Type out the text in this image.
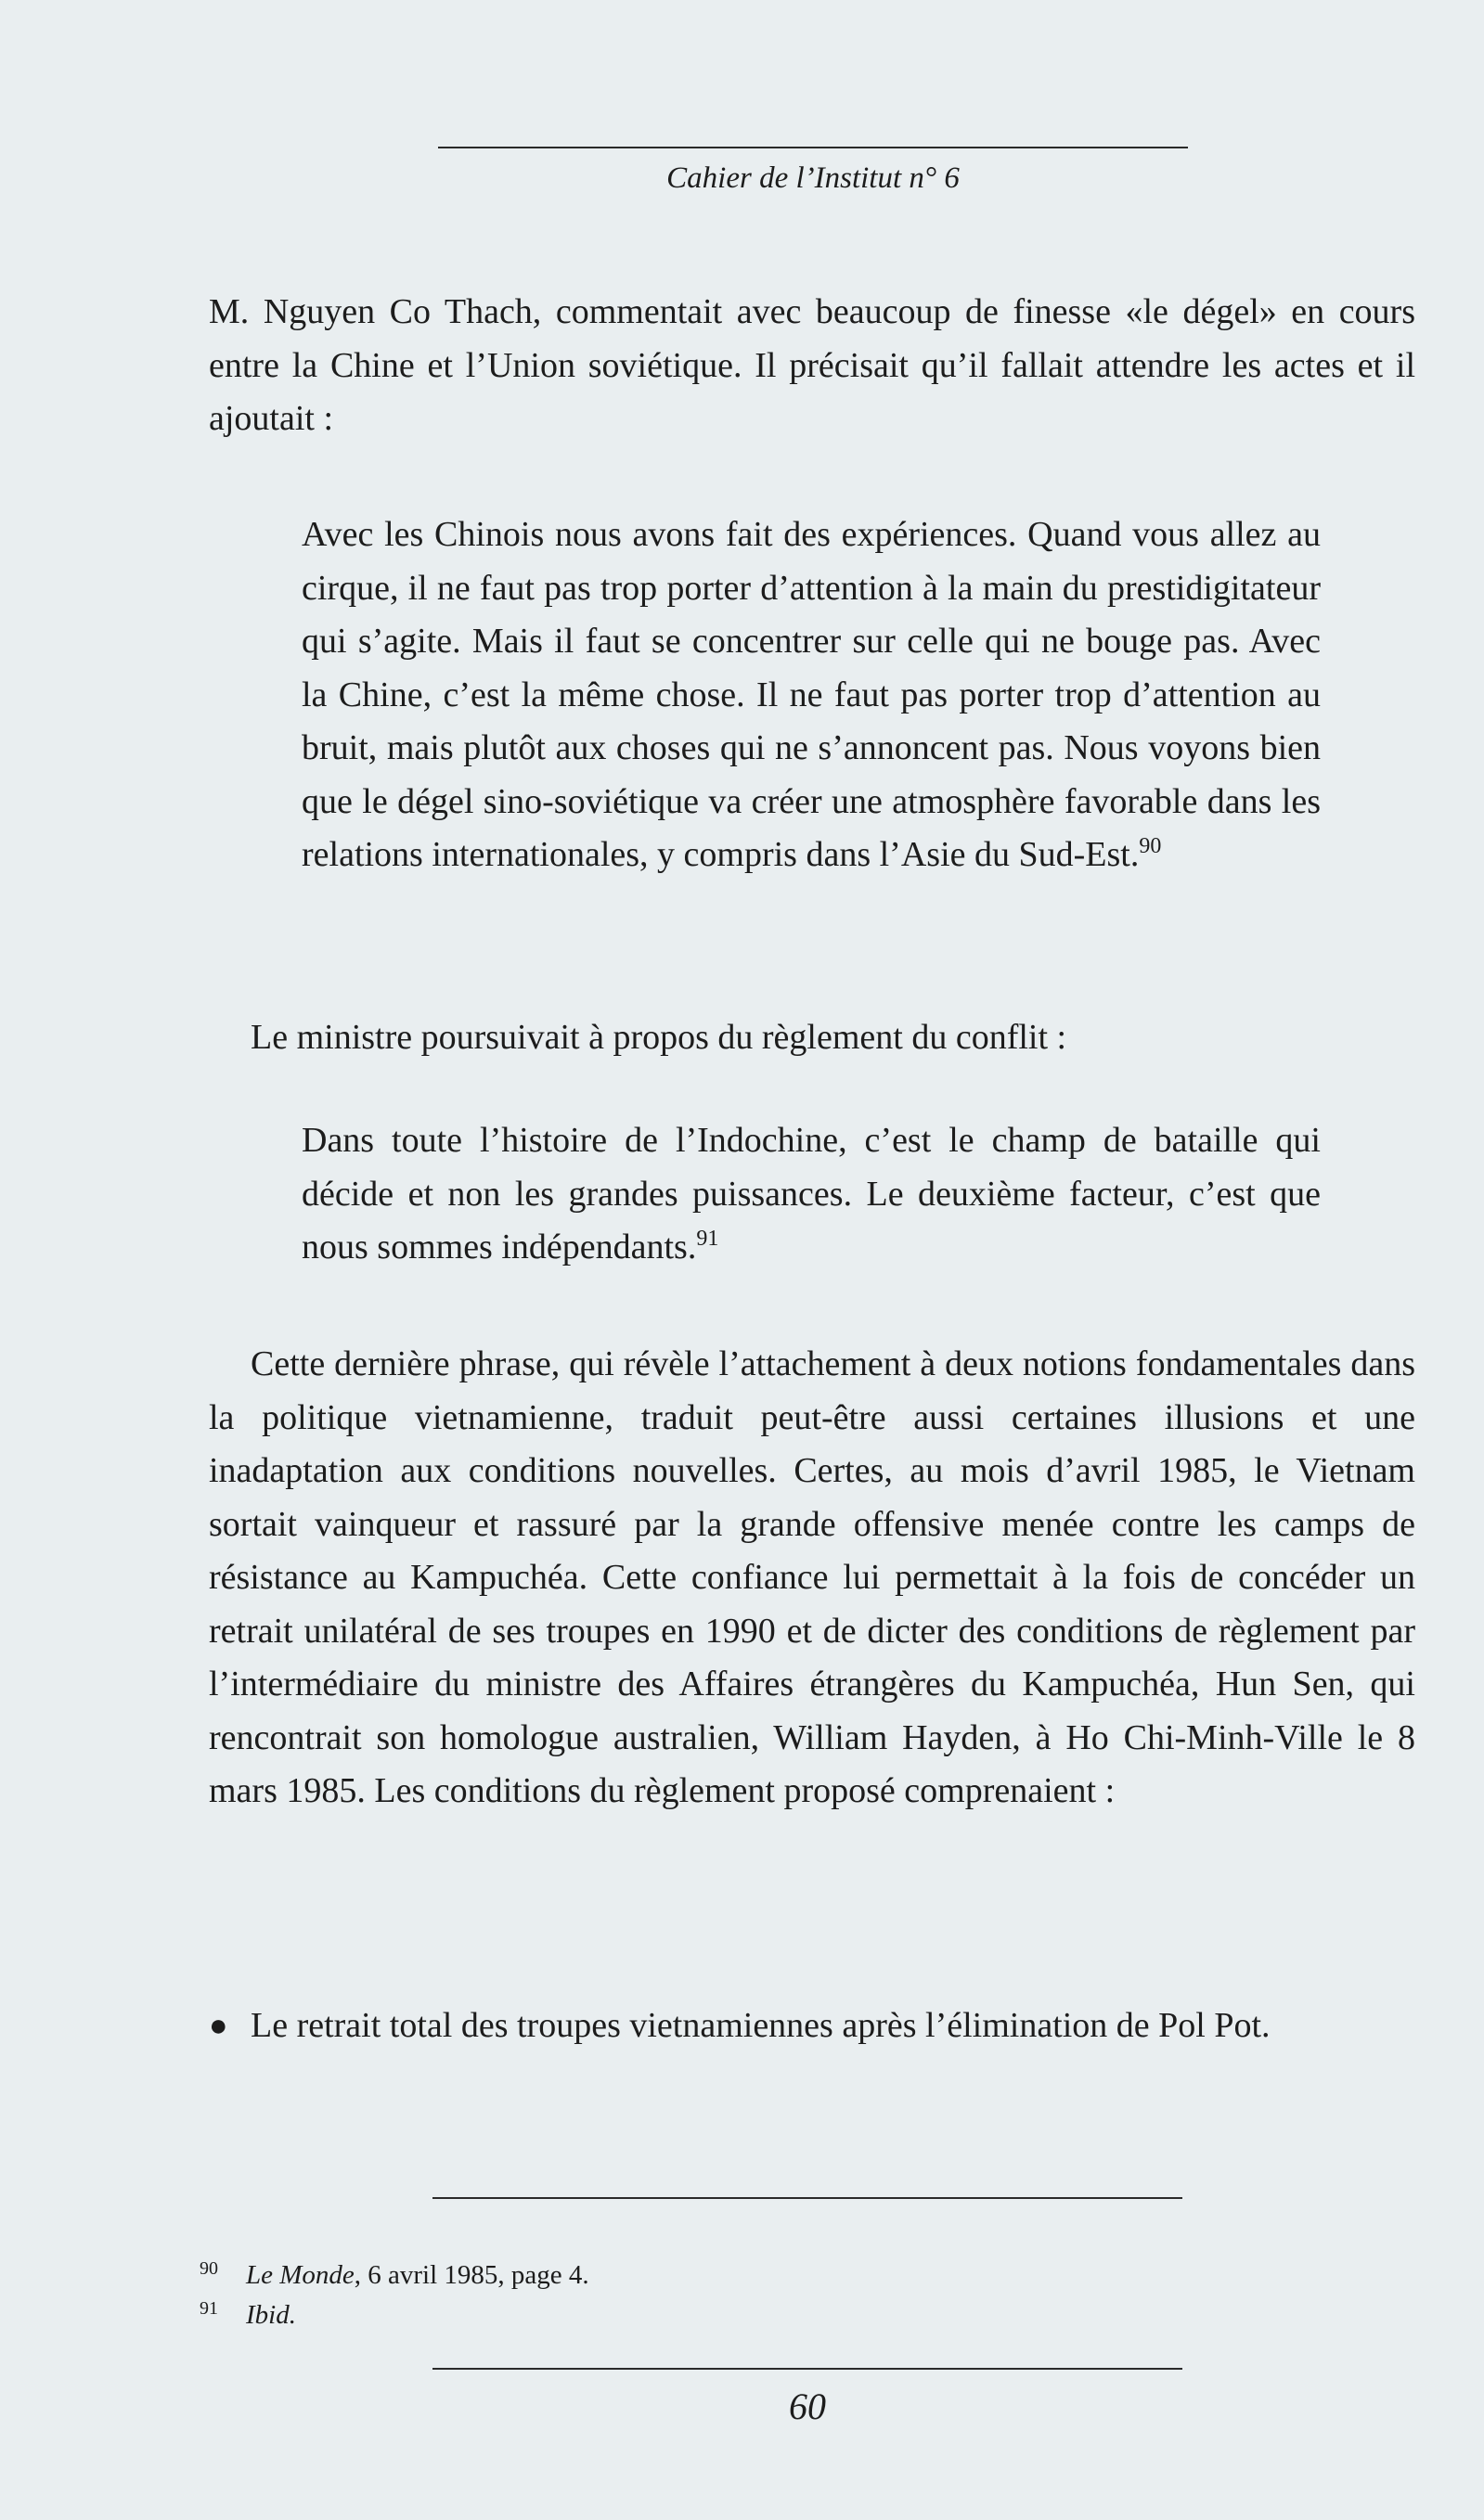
Cahier de l’Institut n° 6

M. Nguyen Co Thach, commentait avec beaucoup de finesse «le dégel» en cours entre la Chine et l’Union soviétique. Il précisait qu’il fallait attendre les actes et il ajoutait :

Avec les Chinois nous avons fait des expériences. Quand vous allez au cirque, il ne faut pas trop porter d’attention à la main du prestidigitateur qui s’agite. Mais il faut se concentrer sur celle qui ne bouge pas. Avec la Chine, c’est la même chose. Il ne faut pas porter trop d’attention au bruit, mais plutôt aux choses qui ne s’annoncent pas. Nous voyons bien que le dégel sino-soviétique va créer une atmosphère favorable dans les relations internationales, y compris dans l’Asie du Sud-Est.$^{90}$

Le ministre poursuivait à propos du règlement du conflit :

Dans toute l’histoire de l’Indochine, c’est le champ de bataille qui décide et non les grandes puissances. Le deuxième facteur, c’est que nous sommes indépendants.$^{91}$

Cette dernière phrase, qui révèle l’attachement à deux notions fondamentales dans la politique vietnamienne, traduit peut-être aussi certaines illusions et une inadaptation aux conditions nouvelles. Certes, au mois d’avril 1985, le Vietnam sortait vainqueur et rassuré par la grande offensive menée contre les camps de résistance au Kampuchéa. Cette confiance lui permettait à la fois de concéder un retrait unilatéral de ses troupes en 1990 et de dicter des conditions de règlement par l’intermédiaire du ministre des Affaires étrangères du Kampuchéa, Hun Sen, qui rencontrait son homologue australien, William Hayden, à Ho Chi-Minh-Ville le 8 mars 1985. Les conditions du règlement proposé comprenaient :

● Le retrait total des troupes vietnamiennes après l’élimination de Pol Pot.
90 Le Monde, 6 avril 1985, page 4.
91 Ibid.
60
